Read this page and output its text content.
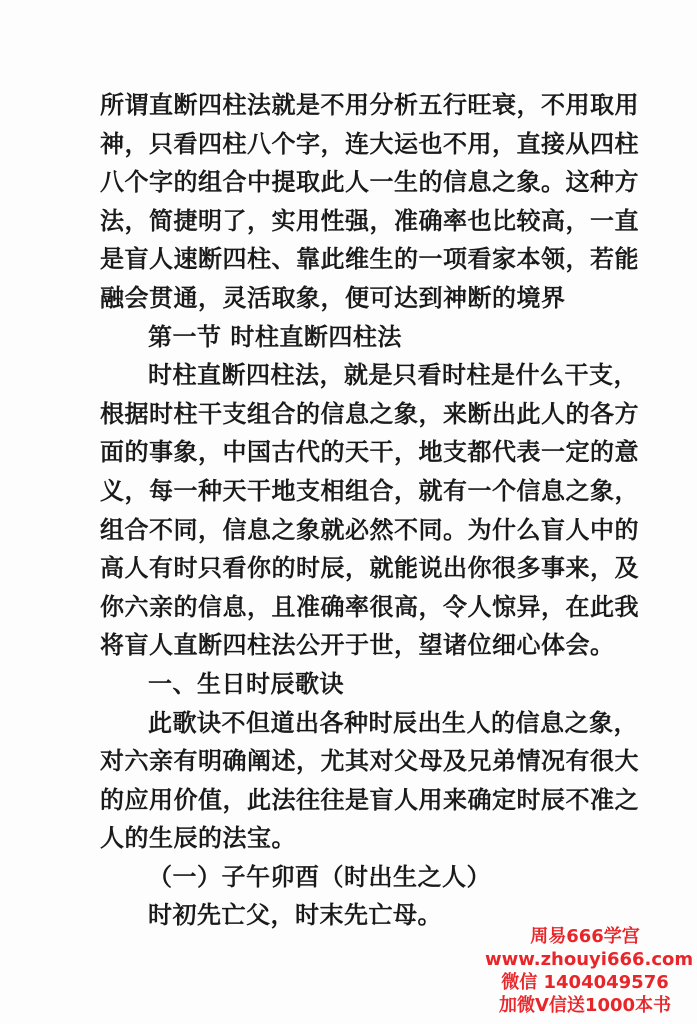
所谓直断四柱法就是不用分析五行旺衰，不用取用
神，只看四柱八个字，连大运也不用，直接从四柱
八个字的组合中提取此人一生的信息之象。这种方
法，简捷明了，实用性强，准确率也比较高，一直
是盲人速断四柱、靠此维生的一项看家本领，若能
融会贯通，灵活取象，便可达到神断的境界
第一节 时柱直断四柱法
时柱直断四柱法，就是只看时柱是什么干支，
根据时柱干支组合的信息之象，来断出此人的各方
面的事象，中国古代的天干，地支都代表一定的意
义，每一种天干地支相组合，就有一个信息之象，
组合不同，信息之象就必然不同。为什么盲人中的
高人有时只看你的时辰，就能说出你很多事来，及
你六亲的信息，且准确率很高，令人惊异，在此我
将盲人直断四柱法公开于世，望诸位细心体会。
一、生日时辰歌诀
此歌诀不但道出各种时辰出生人的信息之象，
对六亲有明确阐述，尤其对父母及兄弟情况有很大
的应用价值，此法往往是盲人用来确定时辰不准之
人的生辰的法宝。
（一）子午卯酉（时出生之人）
时初先亡父，时末先亡母。
周易666学宫
www.zhouyi666.com
微信 1404049576
加微V信送1000本书
